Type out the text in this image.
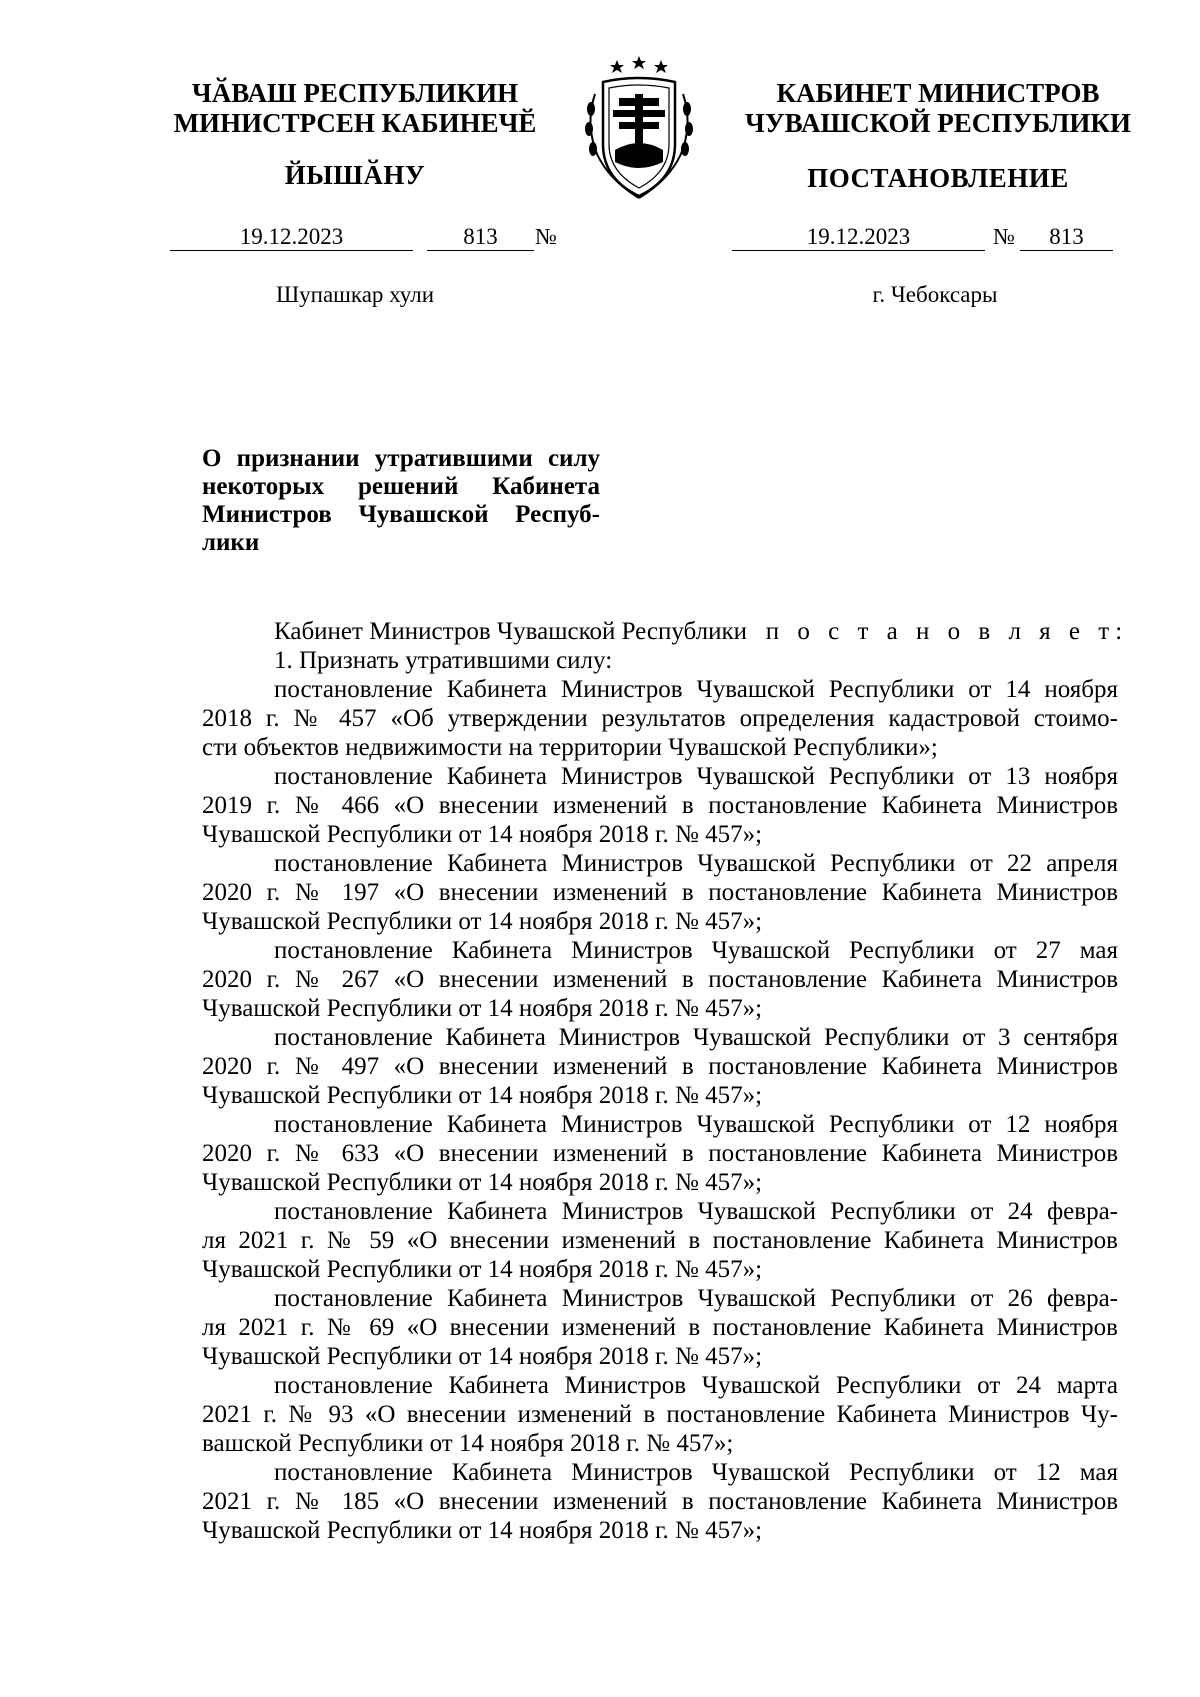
ЧӐВАШ РЕСПУБЛИКИН
МИНИСТРСЕН КАБИНЕЧӖ
ЙЫШӐНУ
КАБИНЕТ МИНИСТРОВ
ЧУВАШСКОЙ РЕСПУБЛИКИ
ПОСТАНОВЛЕНИЕ
19.12.2023	813	№	19.12.2023	№	813
Шупашкар хули	г. Чебоксары
О признании утратившими силу
некоторых решений Кабинета
Министров Чувашской Респуб-
лики
Кабинет Министров Чувашской Республики п о с т а н о в л я е т:
1. Признать утратившими силу:
постановление Кабинета Министров Чувашской Республики от 14 ноября
2018 г. № 457 «Об утверждении результатов определения кадастровой стоимо-
сти объектов недвижимости на территории Чувашской Республики»;
постановление Кабинета Министров Чувашской Республики от 13 ноября
2019 г. № 466 «О внесении изменений в постановление Кабинета Министров
Чувашской Республики от 14 ноября 2018 г. № 457»;
постановление Кабинета Министров Чувашской Республики от 22 апреля
2020 г. № 197 «О внесении изменений в постановление Кабинета Министров
Чувашской Республики от 14 ноября 2018 г. № 457»;
постановление Кабинета Министров Чувашской Республики от 27 мая
2020 г. № 267 «О внесении изменений в постановление Кабинета Министров
Чувашской Республики от 14 ноября 2018 г. № 457»;
постановление Кабинета Министров Чувашской Республики от 3 сентября
2020 г. № 497 «О внесении изменений в постановление Кабинета Министров
Чувашской Республики от 14 ноября 2018 г. № 457»;
постановление Кабинета Министров Чувашской Республики от 12 ноября
2020 г. № 633 «О внесении изменений в постановление Кабинета Министров
Чувашской Республики от 14 ноября 2018 г. № 457»;
постановление Кабинета Министров Чувашской Республики от 24 февра-
ля 2021 г. № 59 «О внесении изменений в постановление Кабинета Министров
Чувашской Республики от 14 ноября 2018 г. № 457»;
постановление Кабинета Министров Чувашской Республики от 26 февра-
ля 2021 г. № 69 «О внесении изменений в постановление Кабинета Министров
Чувашской Республики от 14 ноября 2018 г. № 457»;
постановление Кабинета Министров Чувашской Республики от 24 марта
2021 г. № 93 «О внесении изменений в постановление Кабинета Министров Чу-
вашской Республики от 14 ноября 2018 г. № 457»;
постановление Кабинета Министров Чувашской Республики от 12 мая
2021 г. № 185 «О внесении изменений в постановление Кабинета Министров
Чувашской Республики от 14 ноября 2018 г. № 457»;
